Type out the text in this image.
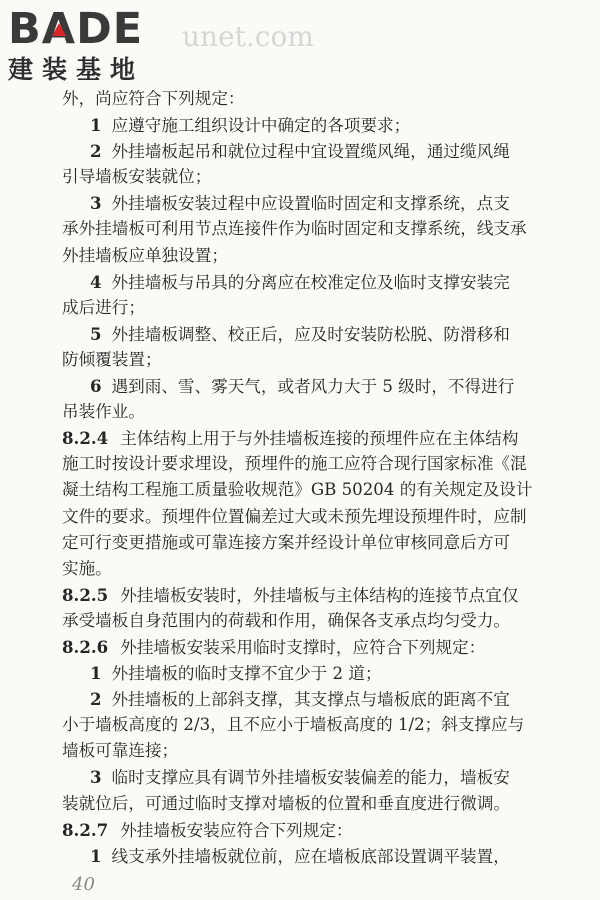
B A DE
建装基地
unet.com
外，尚应符合下列规定：
1 应遵守施工组织设计中确定的各项要求；
2 外挂墙板起吊和就位过程中宜设置缆风绳，通过缆风绳
引导墙板安装就位；
3 外挂墙板安装过程中应设置临时固定和支撑系统，点支
承外挂墙板可利用节点连接件作为临时固定和支撑系统，线支承
外挂墙板应单独设置；
4 外挂墙板与吊具的分离应在校准定位及临时支撑安装完
成后进行；
5 外挂墙板调整、校正后，应及时安装防松脱、防滑移和
防倾覆装置；
6 遇到雨、雪、雾天气，或者风力大于 5 级时，不得进行
吊装作业。
8.2.4 主体结构上用于与外挂墙板连接的预埋件应在主体结构
施工时按设计要求埋设，预埋件的施工应符合现行国家标准《混
凝土结构工程施工质量验收规范》GB 50204 的有关规定及设计
文件的要求。预埋件位置偏差过大或未预先埋设预埋件时，应制
定可行变更措施或可靠连接方案并经设计单位审核同意后方可
实施。
8.2.5 外挂墙板安装时，外挂墙板与主体结构的连接节点宜仅
承受墙板自身范围内的荷载和作用，确保各支承点均匀受力。
8.2.6 外挂墙板安装采用临时支撑时，应符合下列规定：
1 外挂墙板的临时支撑不宜少于 2 道；
2 外挂墙板的上部斜支撑，其支撑点与墙板底的距离不宜
小于墙板高度的 2/3，且不应小于墙板高度的 1/2；斜支撑应与
墙板可靠连接；
3 临时支撑应具有调节外挂墙板安装偏差的能力，墙板安
装就位后，可通过临时支撑对墙板的位置和垂直度进行微调。
8.2.7 外挂墙板安装应符合下列规定：
1 线支承外挂墙板就位前，应在墙板底部设置调平装置，
40
